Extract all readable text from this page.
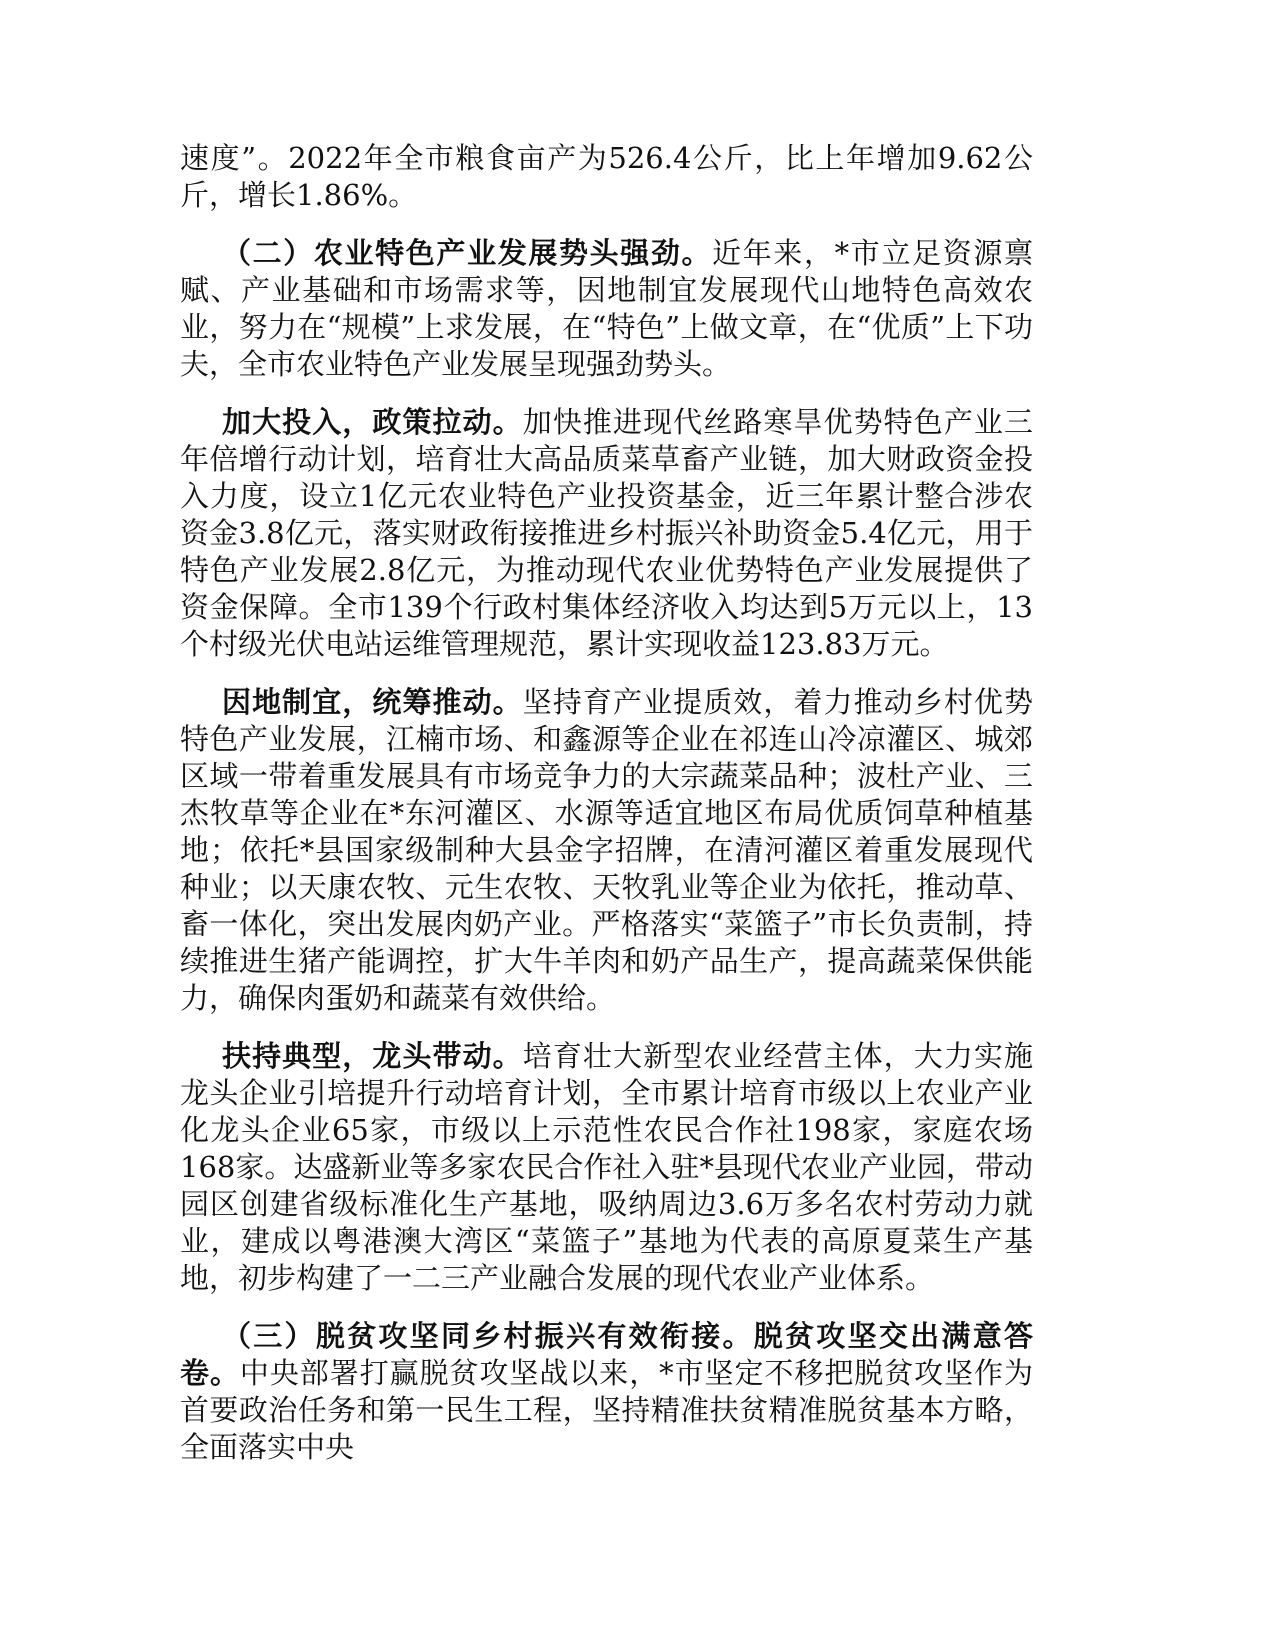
速度”。2022年全市粮食亩产为526.4公斤，比上年增加9.62公斤，增长1.86%。

（二）农业特色产业发展势头强劲。近年来，*市立足资源禀赋、产业基础和市场需求等，因地制宜发展现代山地特色高效农业，努力在“规模”上求发展，在“特色”上做文章，在“优质”上下功夫，全市农业特色产业发展呈现强劲势头。

加大投入，政策拉动。加快推进现代丝路寒旱优势特色产业三年倍增行动计划，培育壮大高品质菜草畜产业链，加大财政资金投入力度，设立1亿元农业特色产业投资基金，近三年累计整合涉农资金3.8亿元，落实财政衔接推进乡村振兴补助资金5.4亿元，用于特色产业发展2.8亿元，为推动现代农业优势特色产业发展提供了资金保障。全市139个行政村集体经济收入均达到5万元以上，13个村级光伏电站运维管理规范，累计实现收益123.83万元。

因地制宜，统筹推动。坚持育产业提质效，着力推动乡村优势特色产业发展，江楠市场、和鑫源等企业在祁连山冷凉灌区、城郊区域一带着重发展具有市场竞争力的大宗蔬菜品种；波杜产业、三杰牧草等企业在*东河灌区、水源等适宜地区布局优质饲草种植基地；依托*县国家级制种大县金字招牌，在清河灌区着重发展现代种业；以天康农牧、元生农牧、天牧乳业等企业为依托，推动草、畜一体化，突出发展肉奶产业。严格落实“菜篮子”市长负责制，持续推进生猪产能调控，扩大牛羊肉和奶产品生产，提高蔬菜保供能力，确保肉蛋奶和蔬菜有效供给。

扶持典型，龙头带动。培育壮大新型农业经营主体，大力实施龙头企业引培提升行动培育计划，全市累计培育市级以上农业产业化龙头企业65家，市级以上示范性农民合作社198家，家庭农场168家。达盛新业等多家农民合作社入驻*县现代农业产业园，带动园区创建省级标准化生产基地，吸纳周边3.6万多名农村劳动力就业，建成以粤港澳大湾区“菜篮子”基地为代表的高原夏菜生产基地，初步构建了一二三产业融合发展的现代农业产业体系。

（三）脱贫攻坚同乡村振兴有效衔接。脱贫攻坚交出满意答卷。中央部署打赢脱贫攻坚战以来，*市坚定不移把脱贫攻坚作为首要政治任务和第一民生工程，坚持精准扶贫精准脱贫基本方略，全面落实中央
